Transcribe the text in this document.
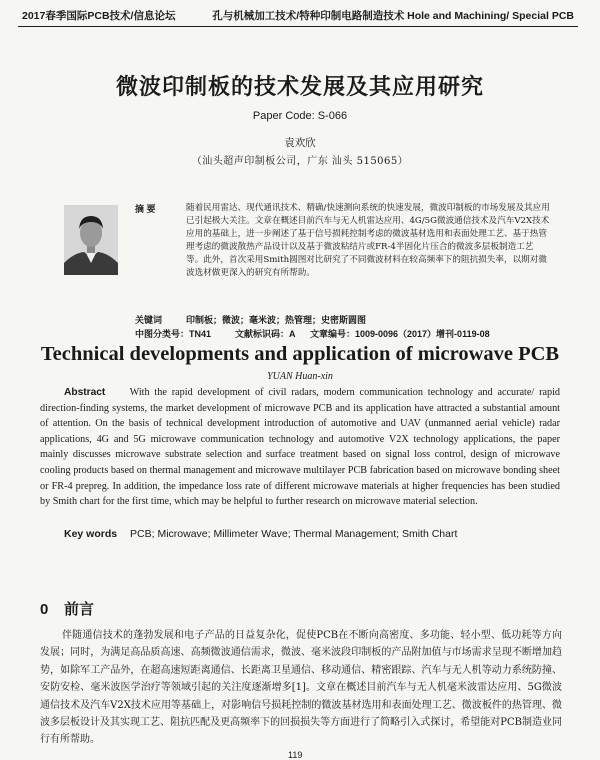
2017春季国际PCB技术/信息论坛	孔与机械加工技术/特种印制电路制造技术 Hole and Machining/ Special PCB
微波印制板的技术发展及其应用研究
Paper Code: S-066
袁欢欣
（汕头超声印制板公司，广东 汕头 515065）
摘 要	随着民用雷达、现代通讯技术、精确/快速测向系统的快速发展，微波印制板的市场发展及其应用已引起极大关注。文章在概述目前汽车与无人机雷达应用、4G/5G微波通信技术及汽车V2X技术应用的基础上，进一步阐述了基于信号损耗控制考虑的微波基材选用和表面处理工艺、基于热管理考虑的微波散热产品设计以及基于微波粘结片或FR-4半固化片压合的微波多层板制造工艺等。此外，首次采用Smith圆图对比研究了不同微波材料在较高频率下的阻抗损失率，以期对微波选材做更深入的研究有所帮助。
关键词	印制板；微波；毫米波；热管理；史密斯圆图
中图分类号：TN41	文献标识码：A 文章编号：1009-0096（2017）增刊-0119-08
Technical developments and application of microwave PCB
YUAN Huan-xin
Abstract With the rapid development of civil radars, modern communication technology and accurate/ rapid direction-finding systems, the market development of microwave PCB and its application have attracted a substantial amount of attention. On the basis of technical development introduction of automotive and UAV (unmanned aerial vehicle) radar applications, 4G and 5G microwave communication technology and automotive V2X technology applications, the paper mainly discusses microwave substrate selection and surface treatment based on signal loss control, design of microwave cooling products based on thermal management and microwave multilayer PCB fabrication based on microwave bonding sheet or FR-4 prepreg. In addition, the impedance loss rate of different microwave materials at higher frequencies has been studied by Smith chart for the first time, which may be helpful to further research on microwave material selection.
Key words PCB; Microwave; Millimeter Wave; Thermal Management; Smith Chart
0 前言
伴随通信技术的蓬勃发展和电子产品的日益复杂化，促使PCB在不断向高密度、多功能、轻小型、低功耗等方向发展；同时，为满足高品质高速、高频微波通信需求，微波、毫米波段印制板的产品附加值与市场需求呈现不断增加趋势，如除军工产品外，在超高速短距离通信、长距离卫星通信、移动通信、精密跟踪、汽车与无人机等动力系统防撞、安防安检、毫米波医学治疗等领域引起的关注度逐渐增多[1]。文章在概述目前汽车与无人机毫米波雷达应用、5G微波通信技术及汽车V2X技术应用等基础上，对影响信号损耗控制的微波基材选用和表面处理工艺、微波板件的热管理、微波多层板设计及其实现工艺、阻抗匹配及更高频率下的回损损失等方面进行了简略引入式探讨，希望能对PCB制造业同行有所帮助。
119
